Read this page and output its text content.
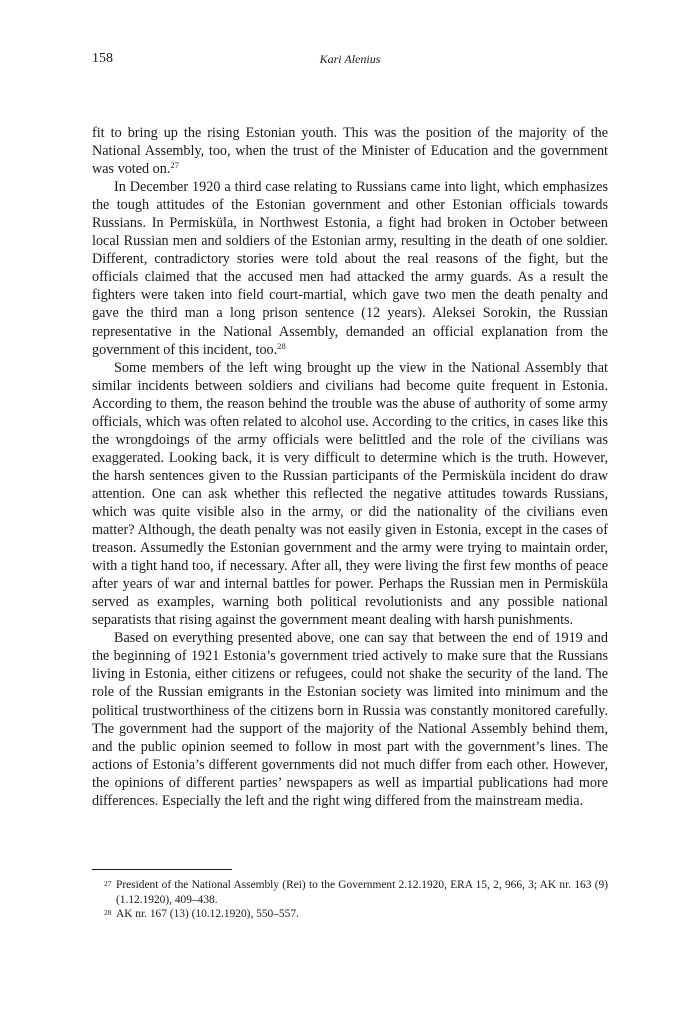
158	Kari Alenius

fit to bring up the rising Estonian youth. This was the position of the majority of the National Assembly, too, when the trust of the Minister of Education and the government was voted on.$^{27}$

In December 1920 a third case relating to Russians came into light, which emphasizes the tough attitudes of the Estonian government and other Estonian officials towards Russians. In Permisküla, in Northwest Estonia, a fight had broken in October between local Russian men and soldiers of the Estonian army, resulting in the death of one soldier. Different, contradictory stories were told about the real reasons of the fight, but the officials claimed that the accused men had attacked the army guards. As a result the fighters were taken into field court-martial, which gave two men the death penalty and gave the third man a long prison sentence (12 years). Aleksei Sorokin, the Russian representative in the National Assembly, demanded an official explanation from the government of this incident, too.$^{28}$

Some members of the left wing brought up the view in the National Assembly that similar incidents between soldiers and civilians had become quite frequent in Estonia. According to them, the reason behind the trouble was the abuse of authority of some army officials, which was often related to alcohol use. According to the critics, in cases like this the wrongdoings of the army officials were belittled and the role of the civilians was exaggerated. Looking back, it is very difficult to determine which is the truth. However, the harsh sentences given to the Russian participants of the Permisküla incident do draw attention. One can ask whether this reflected the negative attitudes towards Russians, which was quite visible also in the army, or did the nationality of the civilians even matter? Although, the death penalty was not easily given in Estonia, except in the cases of treason. Assumedly the Estonian government and the army were trying to maintain order, with a tight hand too, if necessary. After all, they were living the first few months of peace after years of war and internal battles for power. Perhaps the Russian men in Permisküla served as examples, warning both political revolutionists and any possible national separatists that rising against the government meant dealing with harsh punishments.

Based on everything presented above, one can say that between the end of 1919 and the beginning of 1921 Estonia’s government tried actively to make sure that the Russians living in Estonia, either citizens or refugees, could not shake the security of the land. The role of the Russian emigrants in the Estonian society was limited into minimum and the political trustworthiness of the citizens born in Russia was constantly monitored carefully. The government had the support of the majority of the National Assembly behind them, and the public opinion seemed to follow in most part with the government’s lines. The actions of Estonia’s different governments did not much differ from each other. However, the opinions of different parties’ newspapers as well as impartial publications had more differences. Especially the left and the right wing differed from the mainstream media.

27 President of the National Assembly (Rei) to the Government 2.12.1920, ERA 15, 2, 966, 3; AK nr. 163 (9) (1.12.1920), 409–438.
28 AK nr. 167 (13) (10.12.1920), 550–557.
